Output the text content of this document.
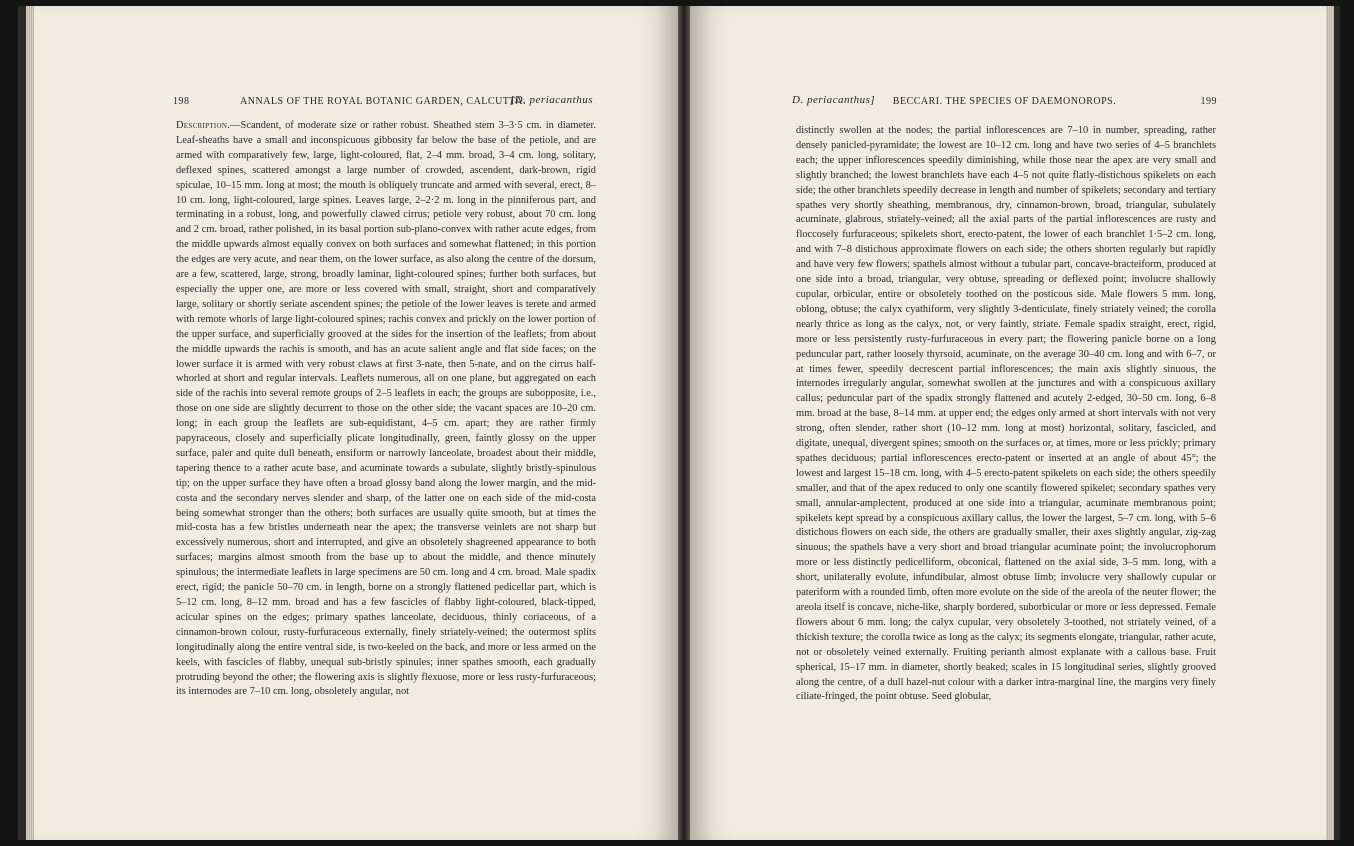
198	ANNALS OF THE ROYAL BOTANIC GARDEN, CALCUTTA.
[D. periacanthus
Description.—Scandent, of moderate size or rather robust. Sheathed stem 3–3·5 cm. in diameter. Leaf-sheaths have a small and inconspicuous gibbosity far below the base of the petiole, and are armed with comparatively few, large, light-coloured, flat, 2–4 mm. broad, 3–4 cm. long, solitary, deflexed spines, scattered amongst a large number of crowded, ascendent, dark-brown, rigid spiculae, 10–15 mm. long at most; the mouth is obliquely truncate and armed with several, erect, 8–10 cm. long, light-coloured, large spines. Leaves large, 2–2·2 m. long in the pinniferous part, and terminating in a robust, long, and powerfully clawed cirrus; petiole very robust, about 70 cm. long and 2 cm. broad, rather polished, in its basal portion sub-plano-convex with rather acute edges, from the middle upwards almost equally convex on both surfaces and somewhat flattened; in this portion the edges are very acute, and near them, on the lower surface, as also along the centre of the dorsum, are a few, scattered, large, strong, broadly laminar, light-coloured spines; further both surfaces, but especially the upper one, are more or less covered with small, straight, short and comparatively large, solitary or shortly seriate ascendent spines; the petiole of the lower leaves is terete and armed with remote whorls of large light-coloured spines; rachis convex and prickly on the lower portion of the upper surface, and superficially grooved at the sides for the insertion of the leaflets; from about the middle upwards the rachis is smooth, and has an acute salient angle and flat side faces; on the lower surface it is armed with very robust claws at first 3-nate, then 5-nate, and on the cirrus half-whorled at short and regular intervals. Leaflets numerous, all on one plane, but aggregated on each side of the rachis into several remote groups of 2–5 leaflets in each; the groups are subopposite, i.e., those on one side are slightly decurrent to those on the other side; the vacant spaces are 10–20 cm. long; in each group the leaflets are sub-equidistant, 4–5 cm. apart; they are rather firmly papyraceous, closely and superficially plicate longitudinally, green, faintly glossy on the upper surface, paler and quite dull beneath, ensiform or narrowly lanceolate, broadest about their middle, tapering thence to a rather acute base, and acuminate towards a subulate, slightly bristly-spinulous tip; on the upper surface they have often a broad glossy band along the lower margin, and the mid-costa and the secondary nerves slender and sharp, of the latter one on each side of the mid-costa being somewhat stronger than the others; both surfaces are usually quite smooth, but at times the mid-costa has a few bristles underneath near the apex; the transverse veinlets are not sharp but excessively numerous, short and interrupted, and give an obsoletely shagreened appearance to both surfaces; margins almost smooth from the base up to about the middle, and thence minutely spinulous; the intermediate leaflets in large specimens are 50 cm. long and 4 cm. broad. Male spadix erect, rigid; the panicle 50–70 cm. in length, borne on a strongly flattened pedicellar part, which is 5–12 cm. long, 8–12 mm. broad and has a few fascicles of flabby light-coloured, black-tipped, acicular spines on the edges; primary spathes lanceolate, deciduous, thinly coriaceous, of a cinnamon-brown colour, rusty-furfuraceous externally, finely striately-veined; the outermost splits longitudinally along the entire ventral side, is two-keeled on the back, and more or less armed on the keels, with fascicles of flabby, unequal sub-bristly spinules; inner spathes smooth, each gradually protruding beyond the other; the flowering axis is slightly flexuose, more or less rusty-furfuraceous; its internodes are 7–10 cm. long, obsoletely angular, not
D. periacanthus]	BECCARI. THE SPECIES OF DAEMONOROPS.	199
distinctly swollen at the nodes; the partial inflorescences are 7–10 in number, spreading, rather densely panicled-pyramidate; the lowest are 10–12 cm. long and have two series of 4–5 branchlets each; the upper inflorescences speedily diminishing, while those near the apex are very small and slightly branched; the lowest branchlets have each 4–5 not quite flatly-distichous spikelets on each side; the other branchlets speedily decrease in length and number of spikelets; secondary and tertiary spathes very shortly sheathing, membranous, dry, cinnamon-brown, broad, triangular, subulately acuminate, glabrous, striately-veined; all the axial parts of the partial inflorescences are rusty and floccosely furfuraceous; spikelets short, erecto-patent, the lower of each branchlet 1·5–2 cm. long, and with 7–8 distichous approximate flowers on each side; the others shorten regularly but rapidly and have very few flowers; spathels almost without a tubular part, concave-bracteiform, produced at one side into a broad, triangular, very obtuse, spreading or deflexed point; involucre shallowly cupular, orbicular, entire or obsoletely toothed on the posticous side. Male flowers 5 mm. long, oblong, obtuse; the calyx cyathiform, very slightly 3-denticulate, finely striately veined; the corolla nearly thrice as long as the calyx, not, or very faintly, striate. Female spadix straight, erect, rigid, more or less persistently rusty-furfuraceous in every part; the flowering panicle borne on a long peduncular part, rather loosely thyrsoid, acuminate, on the average 30–40 cm. long and with 6–7, or at times fewer, speedily decrescent partial inflorescences; the main axis slightly sinuous, the internodes irregularly angular, somewhat swollen at the junctures and with a conspicuous axillary callus; peduncular part of the spadix strongly flattened and acutely 2-edged, 30–50 cm. long, 6–8 mm. broad at the base, 8–14 mm. at upper end; the edges only armed at short intervals with not very strong, often slender, rather short (10–12 mm. long at most) horizontal, solitary, fascicled, and digitate, unequal, divergent spines; smooth on the surfaces or, at times, more or less prickly; primary spathes deciduous; partial inflorescences erecto-patent or inserted at an angle of about 45°; the lowest and largest 15–18 cm. long, with 4–5 erecto-patent spikelets on each side; the others speedily smaller, and that of the apex reduced to only one scantily flowered spikelet; secondary spathes very small, annular-amplectent, produced at one side into a triangular, acuminate membranous point; spikelets kept spread by a conspicuous axillary callus, the lower the largest, 5–7 cm. long, with 5–6 distichous flowers on each side, the others are gradually smaller, their axes slightly angular, zig-zag sinuous; the spathels have a very short and broad triangular acuminate point; the involucrophorum more or less distinctly pedicelliform, obconical, flattened on the axial side, 3–5 mm. long, with a short, unilaterally evolute, infundibular, almost obtuse limb; involucre very shallowly cupular or pateriform with a rounded limb, often more evolute on the side of the areola of the neuter flower; the areola itself is concave, niche-like, sharply bordered, suborbicular or more or less depressed. Female flowers about 6 mm. long; the calyx cupular, very obsoletely 3-toothed, not striately veined, of a thickish texture; the corolla twice as long as the calyx; its segments elongate, triangular, rather acute, not or obsoletely veined externally. Fruiting perianth almost explanate with a callous base. Fruit spherical, 15–17 mm. in diameter, shortly beaked; scales in 15 longitudinal series, slightly grooved along the centre, of a dull hazel-nut colour with a darker intra-marginal line, the margins very finely ciliate-fringed, the point obtuse. Seed globular,
